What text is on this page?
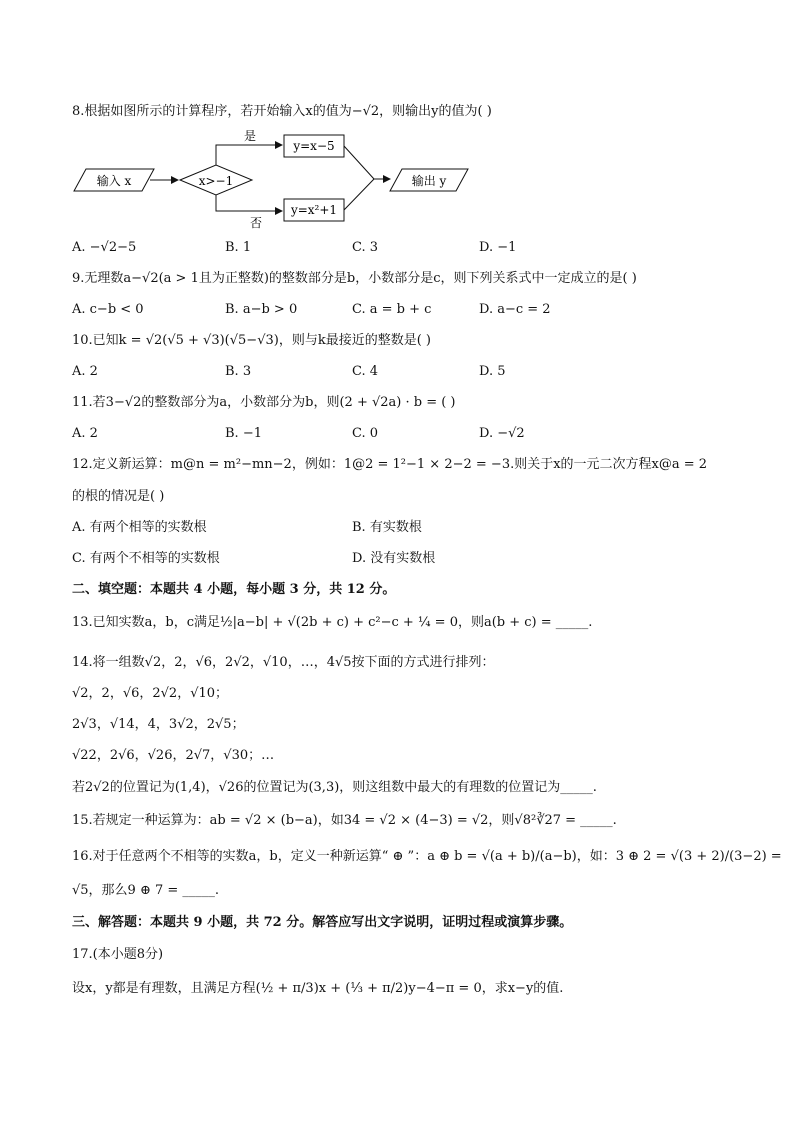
8.根据如图所示的计算程序，若开始输入x的值为−√2，则输出y的值为( )
输入 x	x>−1
是
y=x−5
否
y=x²+1
输出 y
A. −√2−5	B. 1	C. 3	D. −1
9.无理数a−√2(a > 1且为正整数)的整数部分是b，小数部分是c，则下列关系式中一定成立的是( )
A. c−b < 0	B. a−b > 0	C. a = b + c	D. a−c = 2
10.已知k = √2(√5 + √3)(√5−√3)，则与k最接近的整数是( )
A. 2	B. 3	C. 4	D. 5
11.若3−√2的整数部分为a，小数部分为b，则(2 + √2a) · b = ( )
A. 2	B. −1	C. 0	D. −√2
12.定义新运算：m@n = m²−mn−2，例如：1@2 = 1²−1 × 2−2 = −3.则关于x的一元二次方程x@a = 2
的根的情况是( )
A. 有两个相等的实数根	B. 有实数根
C. 有两个不相等的实数根	D. 没有实数根
二、填空题：本题共 4 小题，每小题 3 分，共 12 分。
13.已知实数a，b，c满足½|a−b| + √(2b + c) + c²−c + ¼ = 0，则a(b + c) = _____.
14.将一组数√2，2，√6，2√2，√10，…，4√5按下面的方式进行排列：
√2，2，√6，2√2，√10；
2√3，√14，4，3√2，2√5；
√22，2√6，√26，2√7，√30；…
若2√2的位置记为(1,4)，√26的位置记为(3,3)，则这组数中最大的有理数的位置记为_____.
15.若规定一种运算为：ab = √2 × (b−a)，如34 = √2 × (4−3) = √2，则√8²∛27 = _____.
16.对于任意两个不相等的实数a，b，定义一种新运算“ ⊕ ”：a ⊕ b = √(a + b)/(a−b)，如：3 ⊕ 2 = √(3 + 2)/(3−2) =
√5，那么9 ⊕ 7 = _____.
三、解答题：本题共 9 小题，共 72 分。解答应写出文字说明，证明过程或演算步骤。
17.(本小题8分)
设x，y都是有理数，且满足方程(½ + π/3)x + (⅓ + π/2)y−4−π = 0，求x−y的值.
